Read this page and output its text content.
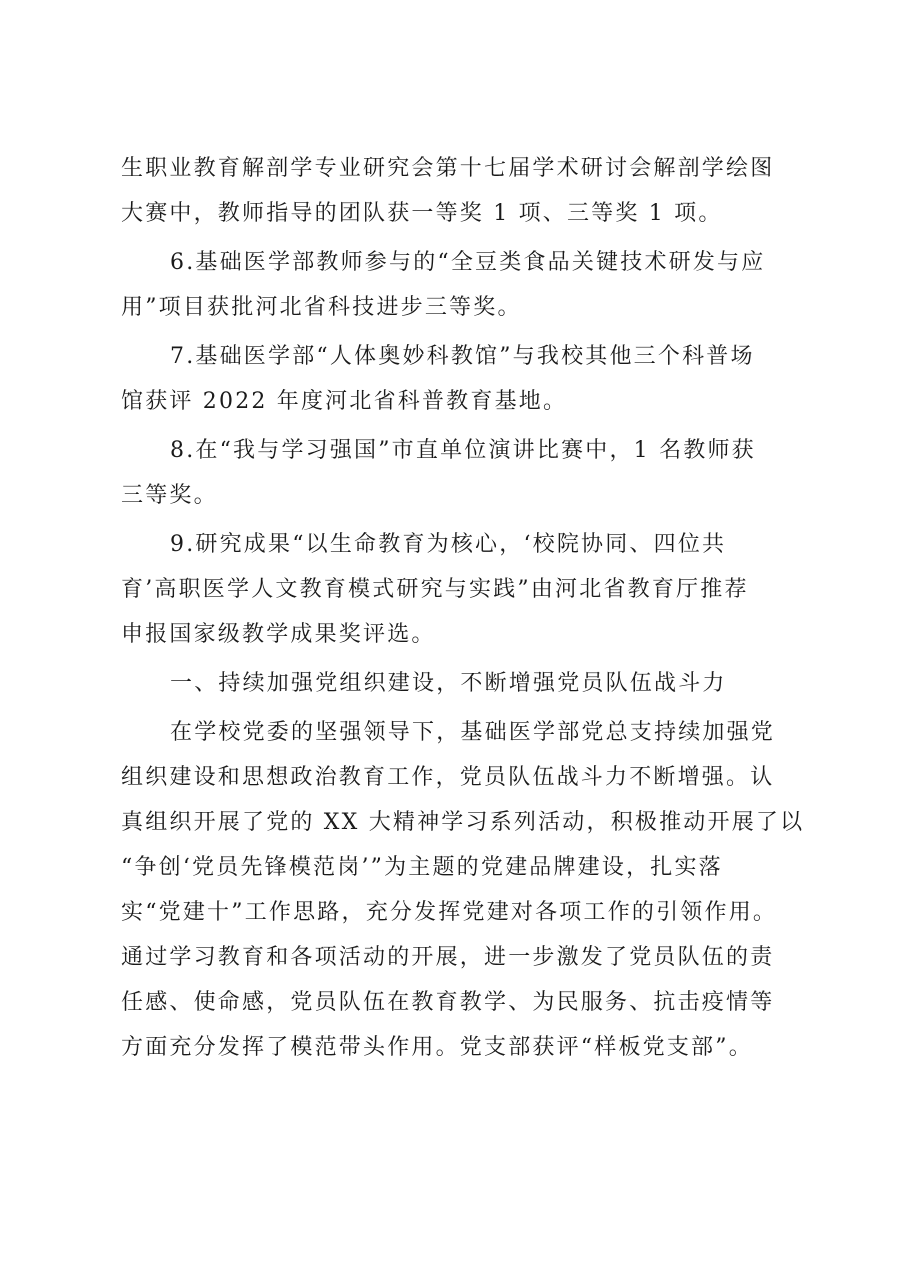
生职业教育解剖学专业研究会第十七届学术研讨会解剖学绘图
大赛中，教师指导的团队获一等奖 1 项、三等奖 1 项。
6.基础医学部教师参与的“全豆类食品关键技术研发与应
用”项目获批河北省科技进步三等奖。
7.基础医学部“人体奥妙科教馆”与我校其他三个科普场
馆获评 2022 年度河北省科普教育基地。
8.在“我与学习强国”市直单位演讲比赛中，1 名教师获
三等奖。
9.研究成果“以生命教育为核心，‘校院协同、四位共
育’高职医学人文教育模式研究与实践”由河北省教育厅推荐
申报国家级教学成果奖评选。
一、持续加强党组织建设，不断增强党员队伍战斗力
在学校党委的坚强领导下，基础医学部党总支持续加强党
组织建设和思想政治教育工作，党员队伍战斗力不断增强。认
真组织开展了党的 XX 大精神学习系列活动，积极推动开展了以
“争创‘党员先锋模范岗’”为主题的党建品牌建设，扎实落
实“党建十”工作思路，充分发挥党建对各项工作的引领作用。
通过学习教育和各项活动的开展，进一步激发了党员队伍的责
任感、使命感，党员队伍在教育教学、为民服务、抗击疫情等
方面充分发挥了模范带头作用。党支部获评“样板党支部”。
